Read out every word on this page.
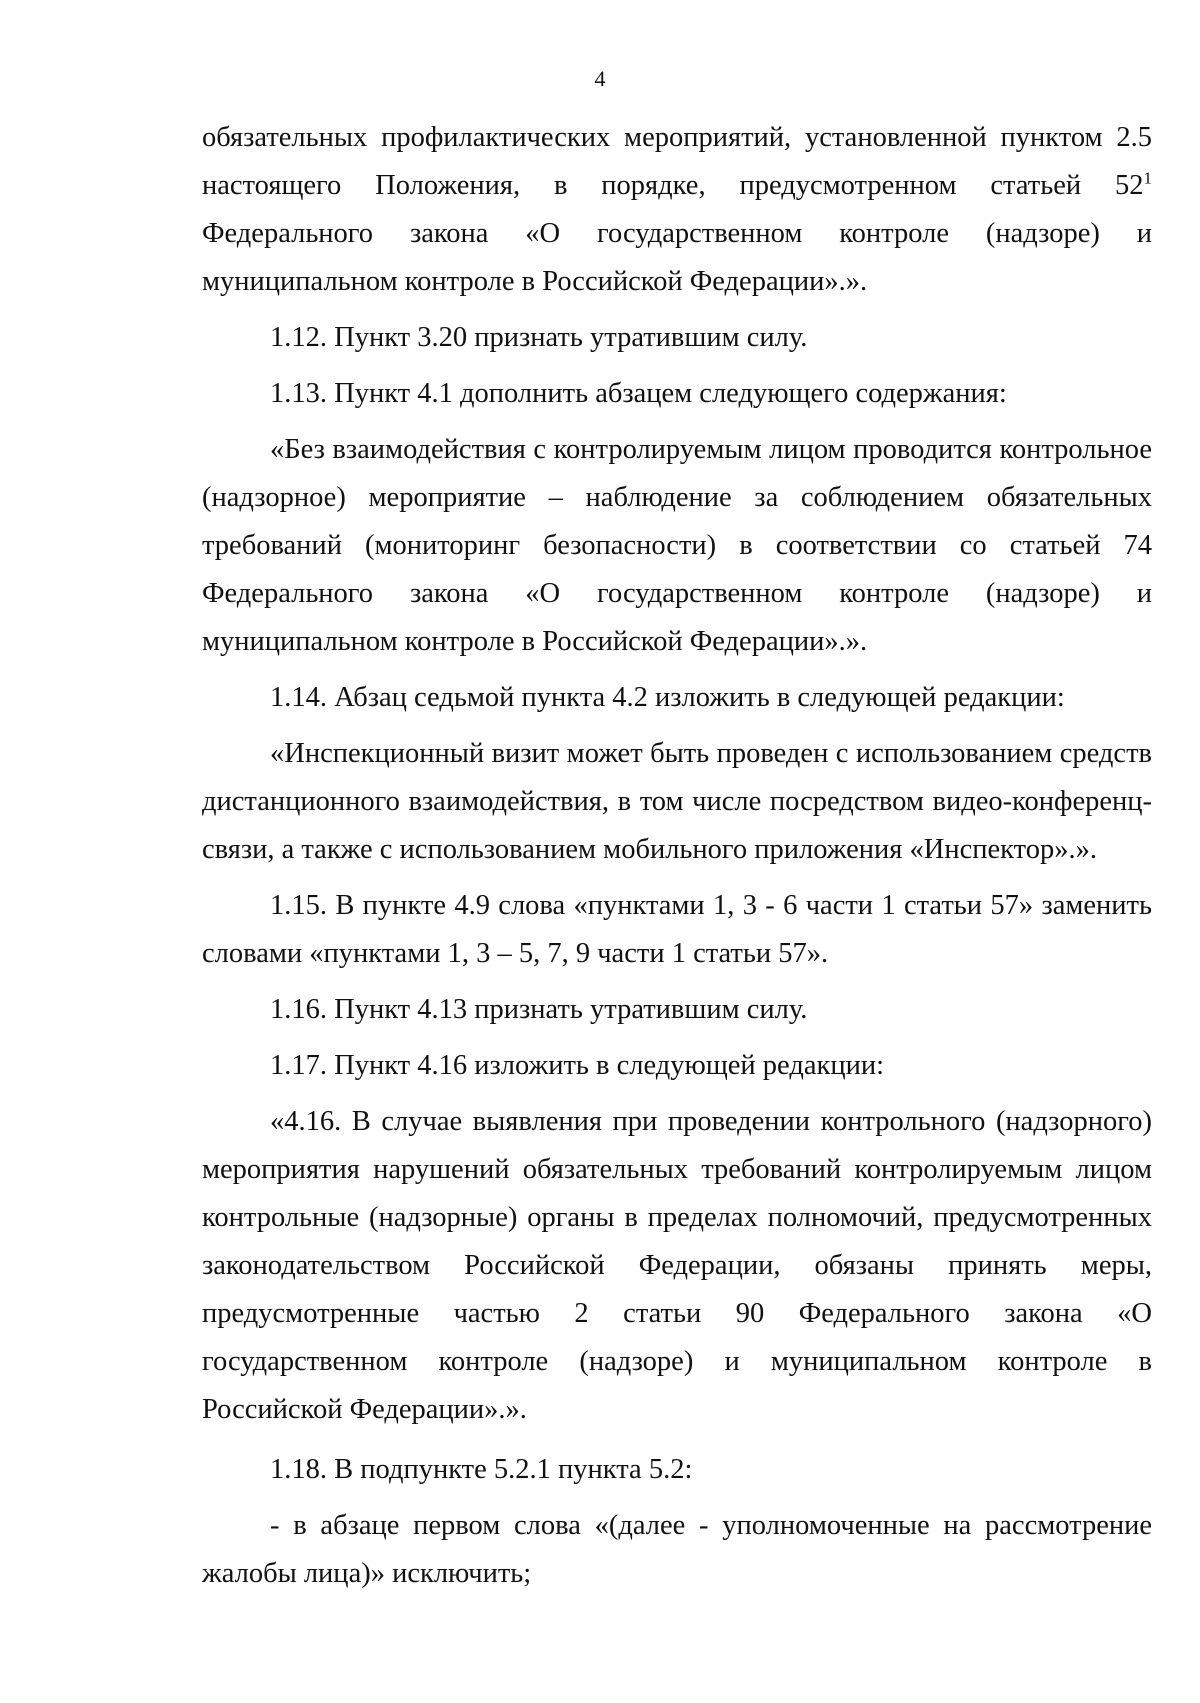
4

обязательных профилактических мероприятий, установленной пунктом 2.5 настоящего Положения, в порядке, предусмотренном статьей $52^1$ Федерального закона «О государственном контроле (надзоре) и муниципальном контроле в Российской Федерации».».

1.12. Пункт 3.20 признать утратившим силу.

1.13. Пункт 4.1 дополнить абзацем следующего содержания:

«Без взаимодействия с контролируемым лицом проводится контрольное (надзорное) мероприятие – наблюдение за соблюдением обязательных требований (мониторинг безопасности) в соответствии со статьей 74 Федерального закона «О государственном контроле (надзоре) и муниципальном контроле в Российской Федерации».».

1.14. Абзац седьмой пункта 4.2 изложить в следующей редакции:

«Инспекционный визит может быть проведен с использованием средств дистанционного взаимодействия, в том числе посредством видео-конференц-связи, а также с использованием мобильного приложения «Инспектор».».

1.15. В пункте 4.9 слова «пунктами 1, 3 - 6 части 1 статьи 57» заменить словами «пунктами 1, 3 – 5, 7, 9 части 1 статьи 57».

1.16. Пункт 4.13 признать утратившим силу.

1.17. Пункт 4.16 изложить в следующей редакции:

«4.16. В случае выявления при проведении контрольного (надзорного) мероприятия нарушений обязательных требований контролируемым лицом контрольные (надзорные) органы в пределах полномочий, предусмотренных законодательством Российской Федерации, обязаны принять меры, предусмотренные частью 2 статьи 90 Федерального закона «О государственном контроле (надзоре) и муниципальном контроле в Российской Федерации».».

1.18. В подпункте 5.2.1 пункта 5.2:

- в абзаце первом слова «(далее - уполномоченные на рассмотрение жалобы лица)» исключить;
